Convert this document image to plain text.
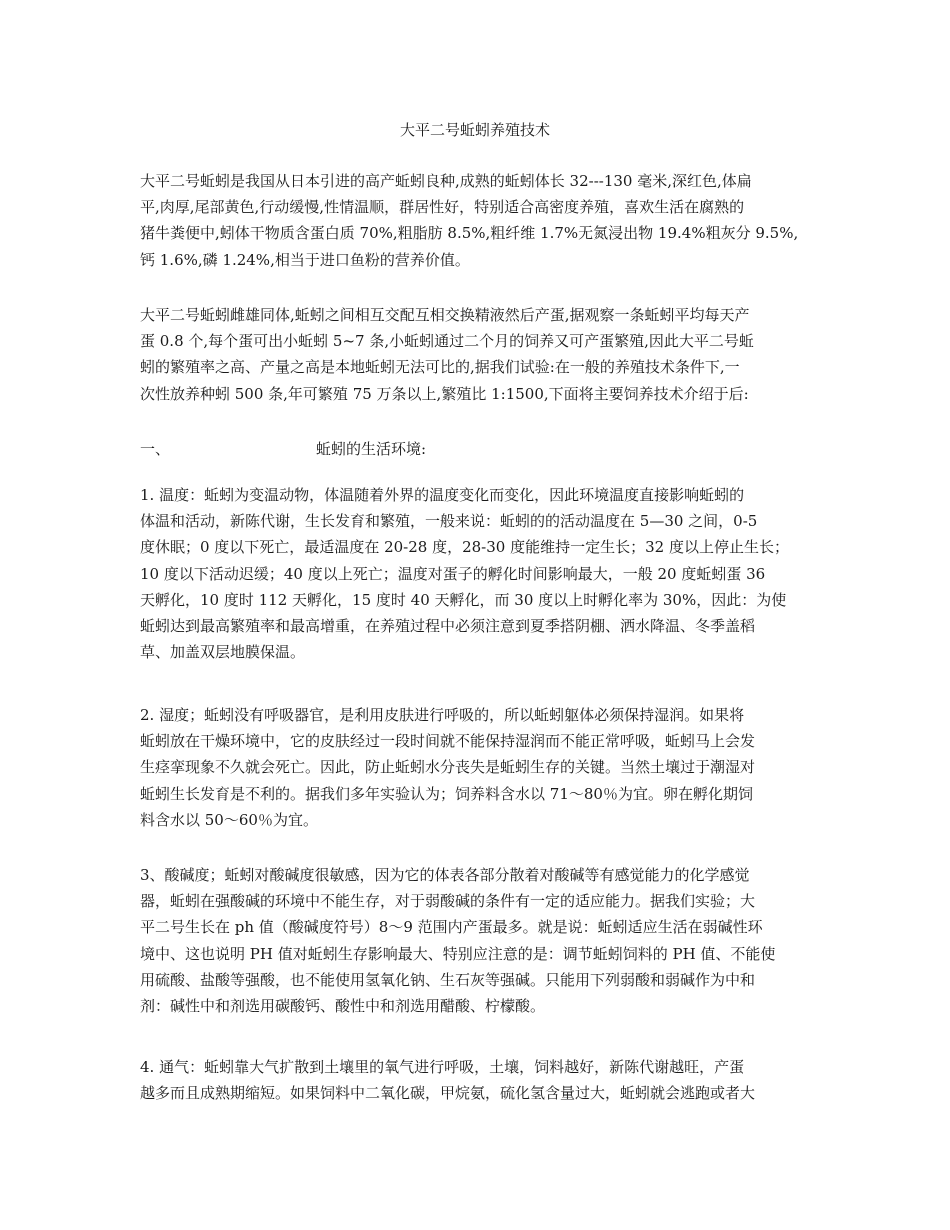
大平二号蚯蚓养殖技术
大平二号蚯蚓是我国从日本引进的高产蚯蚓良种,成熟的蚯蚓体长 32---130 毫米,深红色,体扁
平,肉厚,尾部黄色,行动缓慢,性情温顺，群居性好，特别适合高密度养殖，喜欢生活在腐熟的
猪牛粪便中,蚓体干物质含蛋白质 70%,粗脂肪 8.5%,粗纤维 1.7%无氮浸出物 19.4%粗灰分 9.5%,
钙 1.6%,磷 1.24%,相当于进口鱼粉的营养价值。
大平二号蚯蚓雌雄同体,蚯蚓之间相互交配互相交换精液然后产蛋,据观察一条蚯蚓平均每天产
蛋 0.8 个,每个蛋可出小蚯蚓 5~7 条,小蚯蚓通过二个月的饲养又可产蛋繁殖,因此大平二号蚯
蚓的繁殖率之高、产量之高是本地蚯蚓无法可比的,据我们试验:在一般的养殖技术条件下,一
次性放养种蚓 500 条,年可繁殖 75 万条以上,繁殖比 1:1500,下面将主要饲养技术介绍于后:
一、	蚯蚓的生活环境:
1. 温度：蚯蚓为变温动物，体温随着外界的温度变化而变化，因此环境温度直接影响蚯蚓的
体温和活动，新陈代谢，生长发育和繁殖，一般来说：蚯蚓的的活动温度在 5—30 之间，0-5
度休眠；0 度以下死亡，最适温度在 20-28 度，28-30 度能维持一定生长；32 度以上停止生长；
10 度以下活动迟缓；40 度以上死亡；温度对蛋子的孵化时间影响最大，一般 20 度蚯蚓蛋 36
天孵化，10 度时 112 天孵化，15 度时 40 天孵化，而 30 度以上时孵化率为 30%，因此：为使
蚯蚓达到最高繁殖率和最高增重，在养殖过程中必须注意到夏季搭阴棚、洒水降温、冬季盖稻
草、加盖双层地膜保温。
2. 湿度；蚯蚓没有呼吸器官，是利用皮肤进行呼吸的，所以蚯蚓躯体必须保持湿润。如果将
蚯蚓放在干燥环境中，它的皮肤经过一段时间就不能保持湿润而不能正常呼吸，蚯蚓马上会发
生痉挛现象不久就会死亡。因此，防止蚯蚓水分丧失是蚯蚓生存的关键。当然土壤过于潮湿对
蚯蚓生长发育是不利的。据我们多年实验认为；饲养料含水以 71～80％为宜。卵在孵化期饲
料含水以 50～60％为宜。
3、酸碱度；蚯蚓对酸碱度很敏感，因为它的体表各部分散着对酸碱等有感觉能力的化学感觉
器，蚯蚓在强酸碱的环境中不能生存，对于弱酸碱的条件有一定的适应能力。据我们实验；大
平二号生长在 ph 值（酸碱度符号）8～9 范围内产蛋最多。就是说：蚯蚓适应生活在弱碱性环
境中、这也说明 PH 值对蚯蚓生存影响最大、特别应注意的是：调节蚯蚓饲料的 PH 值、不能使
用硫酸、盐酸等强酸，也不能使用氢氧化钠、生石灰等强碱。只能用下列弱酸和弱碱作为中和
剂：碱性中和剂选用碳酸钙、酸性中和剂选用醋酸、柠檬酸。
4. 通气：蚯蚓靠大气扩散到土壤里的氧气进行呼吸，土壤，饲料越好，新陈代谢越旺，产蛋
越多而且成熟期缩短。如果饲料中二氧化碳，甲烷氨，硫化氢含量过大，蚯蚓就会逃跑或者大
